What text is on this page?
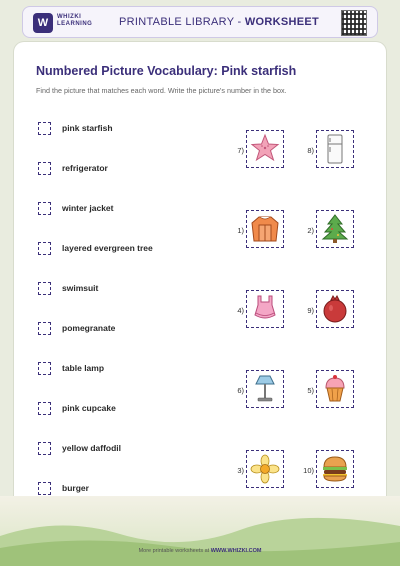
W	WHIZKI
LEARNING PRINTABLE LIBRARY - WORKSHEET
Numbered Picture Vocabulary: Pink starfish
Find the picture that matches each word. Write the picture's number in the box.
pink starfish
refrigerator
winter jacket
layered evergreen tree
swimsuit
pomegranate
table lamp
pink cupcake
yellow daffodil
burger
7)	8)
1)	2)
4)	9)
6)	5)
3)	10)
More printable worksheets at WWW.WHIZKI.COM
